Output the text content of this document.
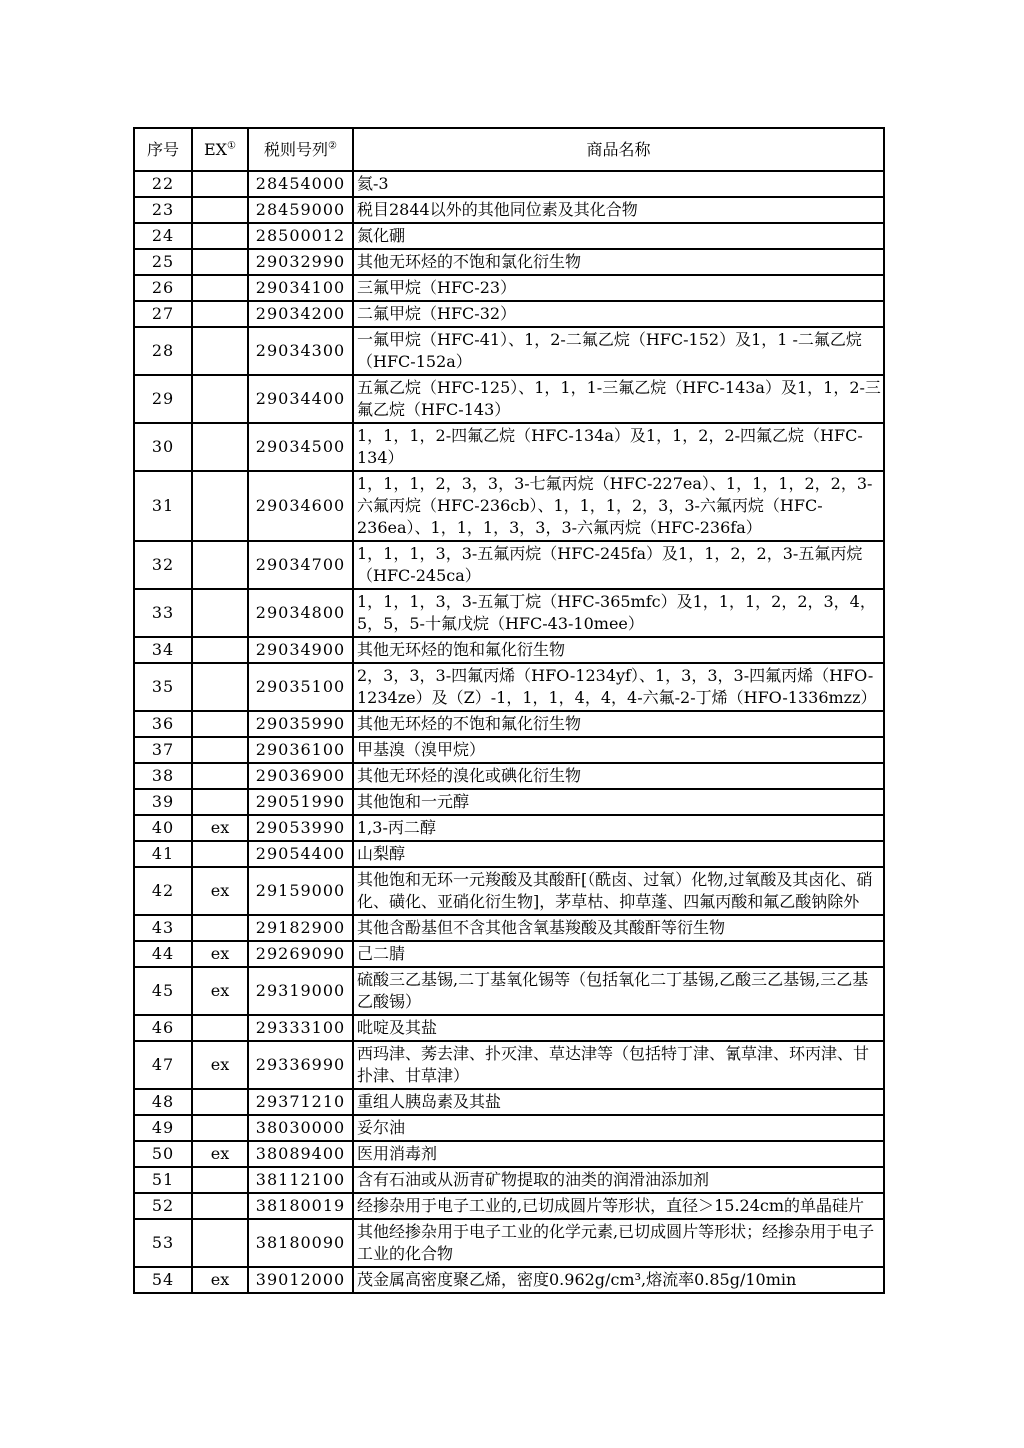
序号	EX①	税则号列②	商品名称
22		28454000	氦-3
23		28459000	税目2844以外的其他同位素及其化合物
24		28500012	氮化硼
25		29032990	其他无环烃的不饱和氯化衍生物
26		29034100	三氟甲烷（HFC-23）
27		29034200	二氟甲烷（HFC-32）
28		29034300	一氟甲烷（HFC-41）、1，2-二氟乙烷（HFC-152）及1，1 -二氟乙烷（HFC-152a）
29		29034400	五氟乙烷（HFC-125）、1，1，1-三氟乙烷（HFC-143a）及1，1，2-三氟乙烷（HFC-143）
30		29034500	1，1，1，2-四氟乙烷（HFC-134a）及1，1，2，2-四氟乙烷（HFC-134）
31		29034600	1，1，1，2，3，3，3-七氟丙烷（HFC-227ea）、1，1，1，2，2，3-六氟丙烷（HFC-236cb）、1，1，1，2，3，3-六氟丙烷（HFC-236ea）、1，1，1，3，3，3-六氟丙烷（HFC-236fa）
32		29034700	1，1，1，3，3-五氟丙烷（HFC-245fa）及1，1，2，2，3-五氟丙烷（HFC-245ca）
33		29034800	1，1，1，3，3-五氟丁烷（HFC-365mfc）及1，1，1，2，2，3，4，5，5，5-十氟戊烷（HFC-43-10mee）
34		29034900	其他无环烃的饱和氟化衍生物
35		29035100	2，3，3，3-四氟丙烯（HFO-1234yf）、1，3，3，3-四氟丙烯（HFO-1234ze）及（Z）-1，1，1，4，4，4-六氟-2-丁烯（HFO-1336mzz）
36		29035990	其他无环烃的不饱和氟化衍生物
37		29036100	甲基溴（溴甲烷）
38		29036900	其他无环烃的溴化或碘化衍生物
39		29051990	其他饱和一元醇
40	ex	29053990	1,3-丙二醇
41		29054400	山梨醇
42	ex	29159000	其他饱和无环一元羧酸及其酸酐[（酰卤、过氧）化物,过氧酸及其卤化、硝化、磺化、亚硝化衍生物]，茅草枯、抑草蓬、四氟丙酸和氟乙酸钠除外
43		29182900	其他含酚基但不含其他含氧基羧酸及其酸酐等衍生物
44	ex	29269090	己二腈
45	ex	29319000	硫酸三乙基锡,二丁基氧化锡等（包括氧化二丁基锡,乙酸三乙基锡,三乙基乙酸锡）
46		29333100	吡啶及其盐
47	ex	29336990	西玛津、莠去津、扑灭津、草达津等（包括特丁津、氰草津、环丙津、甘扑津、甘草津）
48		29371210	重组人胰岛素及其盐
49		38030000	妥尔油
50	ex	38089400	医用消毒剂
51		38112100	含有石油或从沥青矿物提取的油类的润滑油添加剂
52		38180019	经掺杂用于电子工业的,已切成圆片等形状，直径＞15.24cm的单晶硅片
53		38180090	其他经掺杂用于电子工业的化学元素,已切成圆片等形状；经掺杂用于电子工业的化合物
54	ex	39012000	茂金属高密度聚乙烯，密度0.962g/cm³,熔流率0.85g/10min
